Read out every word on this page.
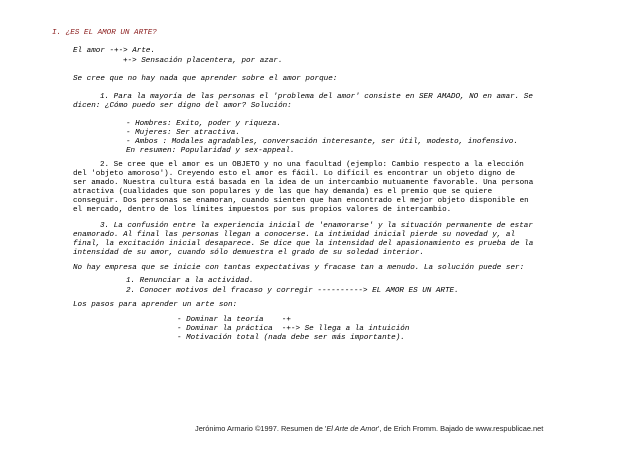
I. ¿ES EL AMOR UN ARTE?
El amor -+-> Arte.
+-> Sensación placentera, por azar.
Se cree que no hay nada que aprender sobre el amor porque:
1. Para la mayoría de las personas el 'problema del amor' consiste en SER AMADO, NO en amar. Se
dicen: ¿Cómo puedo ser digno del amor? Solución:
- Hombres: Exito, poder y riqueza.
- Mujeres: Ser atractiva.
- Ambos : Modales agradables, conversación interesante, ser útil, modesto, inofensivo.
En resumen: Popularidad y sex-appeal.
2. Se cree que el amor es un OBJETO y no una facultad (ejemplo: Cambio respecto a la elección
del 'objeto amoroso'). Creyendo esto el amor es fácil. Lo difícil es encontrar un objeto digno de
ser amado. Nuestra cultura está basada en la idea de un intercambio mutuamente favorable. Una persona
atractiva (cualidades que son populares y de las que hay demanda) es el premio que se quiere
conseguir. Dos personas se enamoran, cuando sienten que han encontrado el mejor objeto disponible en
el mercado, dentro de los límites impuestos por sus propios valores de intercambio.
3. La confusión entre la experiencia inicial de 'enamorarse' y la situación permanente de estar
enamorado. Al final las personas llegan a conocerse. La intimidad inicial pierde su novedad y, al
final, la excitación inicial desaparece. Se dice que la intensidad del apasionamiento es prueba de la
intensidad de su amor, cuando sólo demuestra el grado de su soledad interior.
No hay empresa que se inicie con tantas expectativas y fracase tan a menudo. La solución puede ser:
1. Renunciar a la actividad.
2. Conocer motivos del fracaso y corregir ----------> EL AMOR ES UN ARTE.
Los pasos para aprender un arte son:
- Dominar la teoría    -+
- Dominar la práctica  -+-> Se llega a la intuición
- Motivación total (nada debe ser más importante).
Jerónimo Armario ©1997. Resumen de 'El Arte de Amor', de Erich Fromm. Bajado de www.respublicae.net
